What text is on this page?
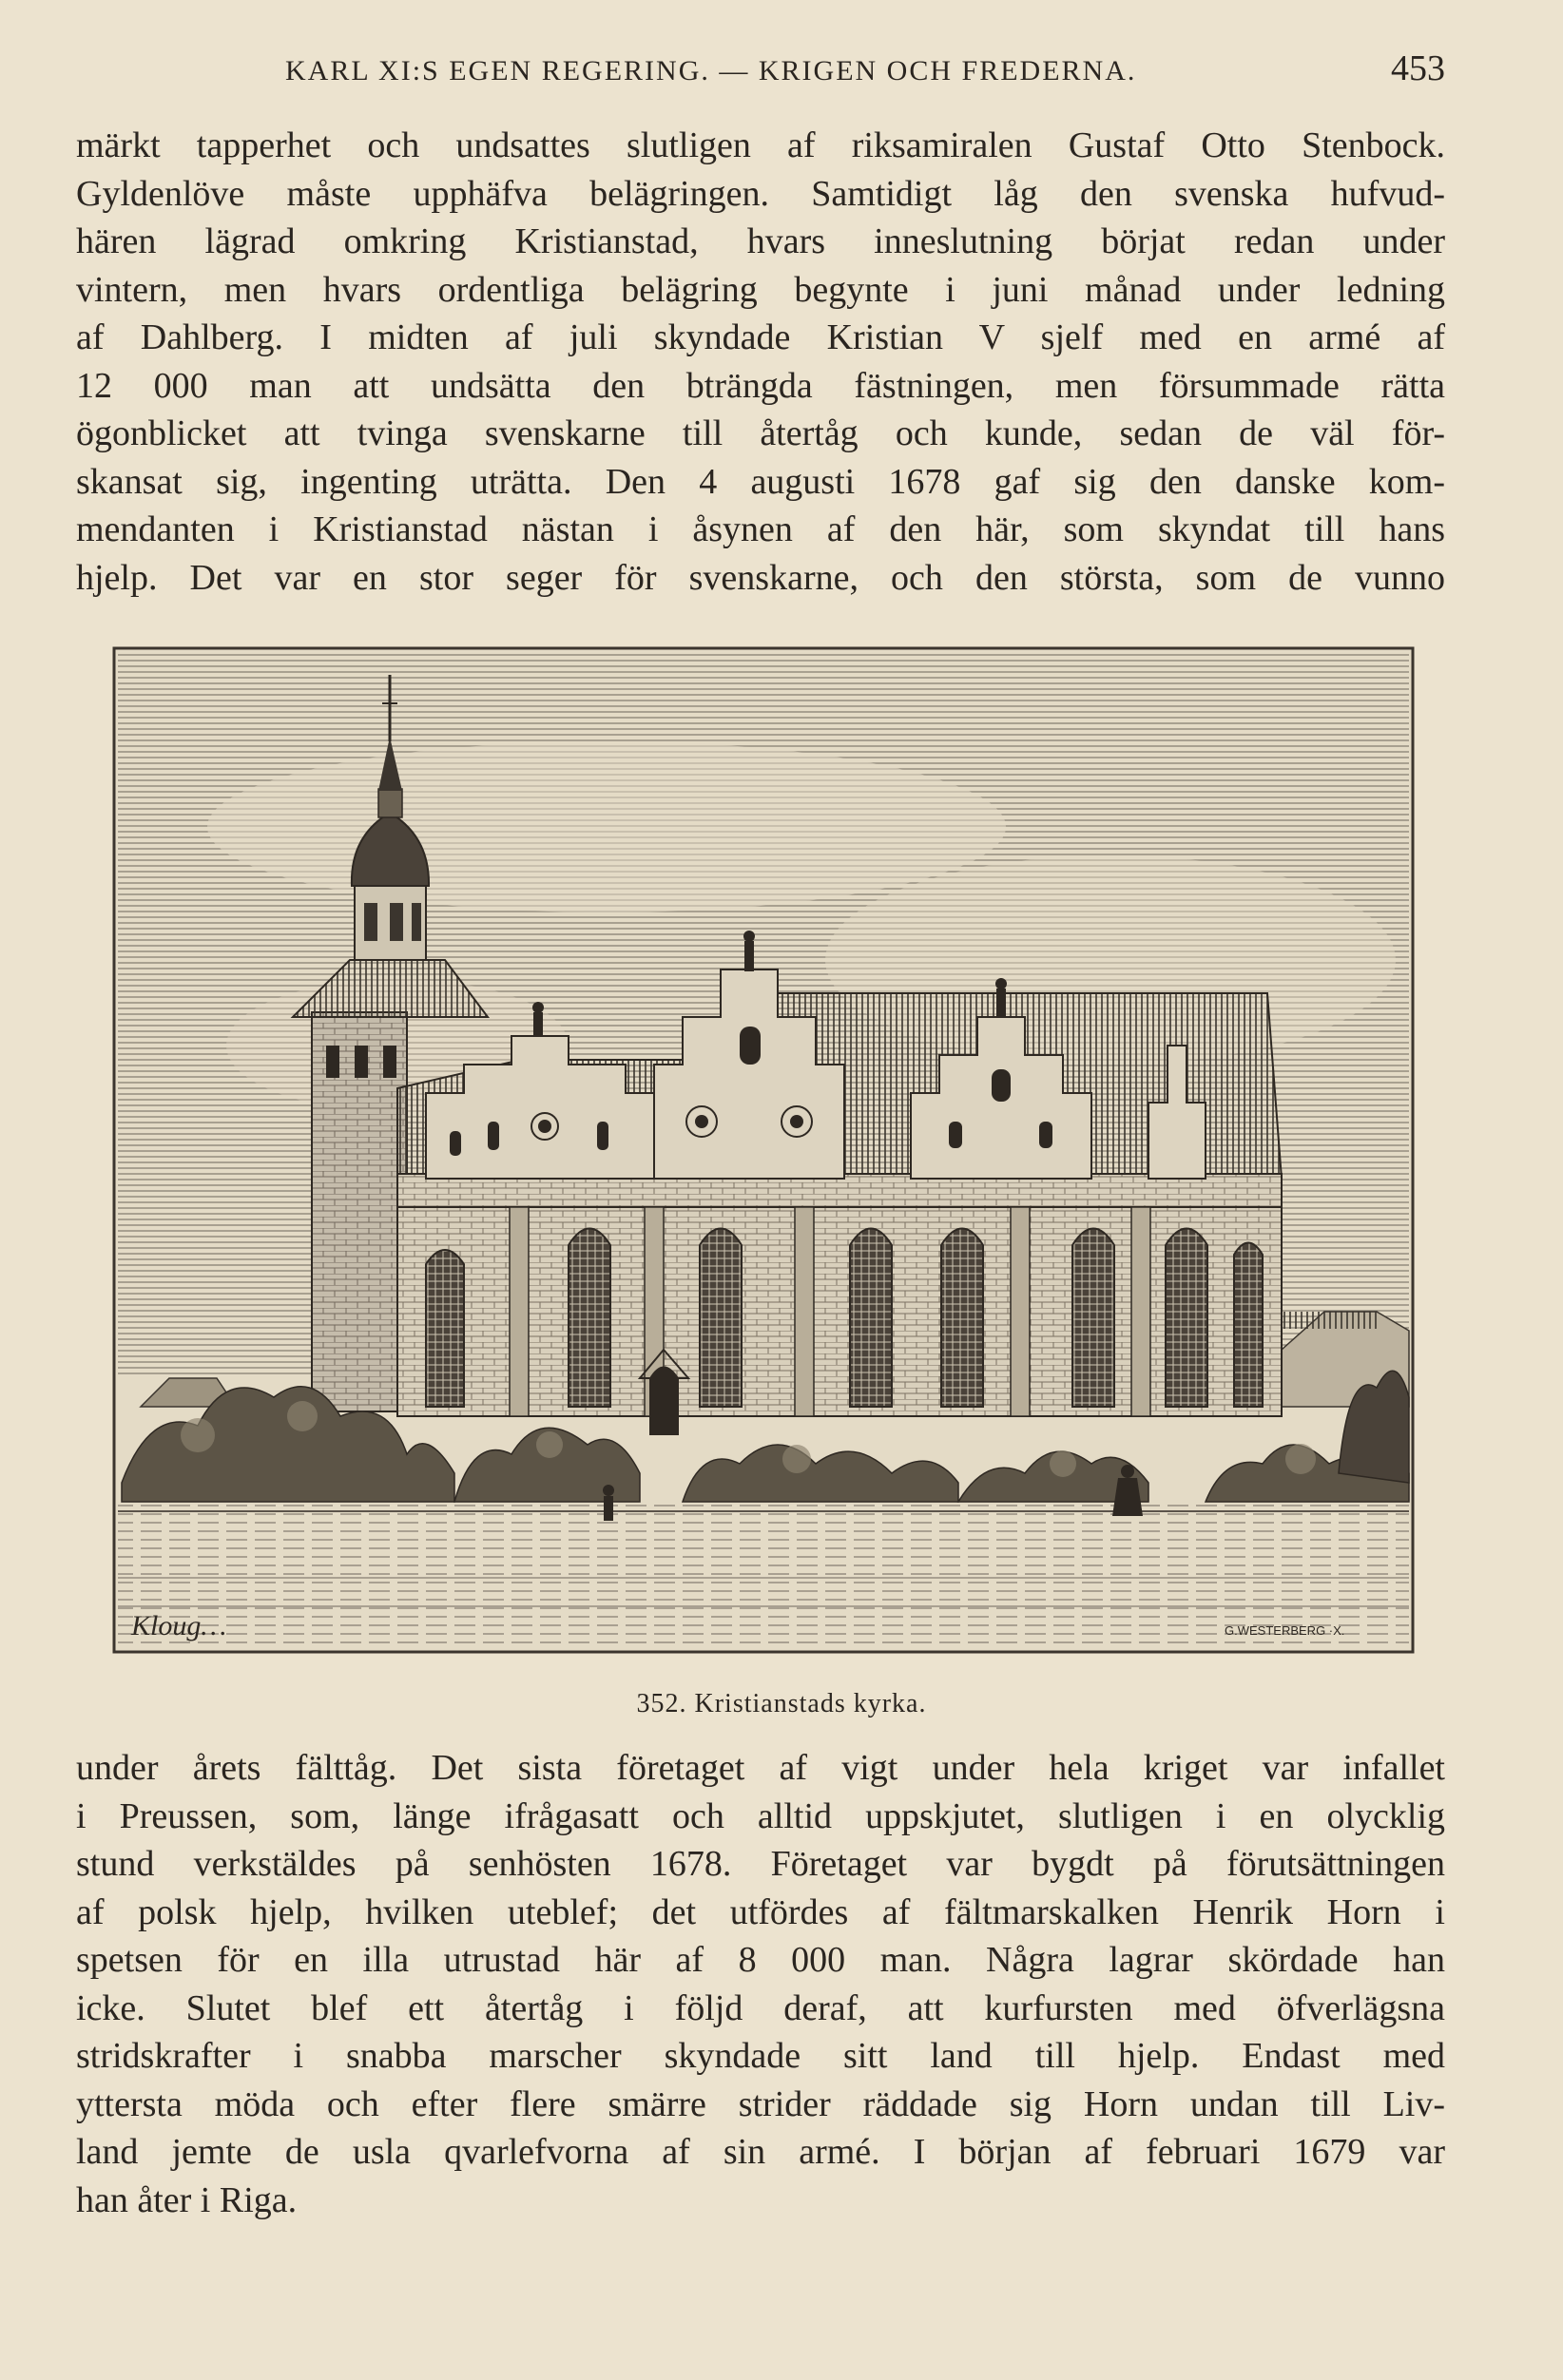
KARL XI:S EGEN REGERING. — KRIGEN OCH FREDERNA.	453
märkt tapperhet och undsattes slutligen af riksamiralen Gustaf Otto Stenbock.
Gyldenlöve måste upphäfva belägringen. Samtidigt låg den svenska hufvud-
hären lägrad omkring Kristianstad, hvars inneslutning börjat redan under
vintern, men hvars ordentliga belägring begynte i juni månad under ledning
af Dahlberg. I midten af juli skyndade Kristian V sjelf med en armé af
12 000 man att undsätta den bträngda fästningen, men försummade rätta
ögonblicket att tvinga svenskarne till återtåg och kunde, sedan de väl för-
skansat sig, ingenting uträtta. Den 4 augusti 1678 gaf sig den danske kom-
mendanten i Kristianstad nästan i åsynen af den här, som skyndat till hans
hjelp. Det var en stor seger för svenskarne, och den största, som de vunno
Kloug…	G.WESTERBERG ·X.
352. Kristianstads kyrka.
under årets fälttåg. Det sista företaget af vigt under hela kriget var infallet
i Preussen, som, länge ifrågasatt och alltid uppskjutet, slutligen i en olycklig
stund verkstäldes på senhösten 1678. Företaget var bygdt på förutsättningen
af polsk hjelp, hvilken uteblef; det utfördes af fältmarskalken Henrik Horn i
spetsen för en illa utrustad här af 8 000 man. Några lagrar skördade han
icke. Slutet blef ett återtåg i följd deraf, att kurfursten med öfverlägsna
stridskrafter i snabba marscher skyndade sitt land till hjelp. Endast med
yttersta möda och efter flere smärre strider räddade sig Horn undan till Liv-
land jemte de usla qvarlefvorna af sin armé. I början af februari 1679 var
han åter i Riga.
